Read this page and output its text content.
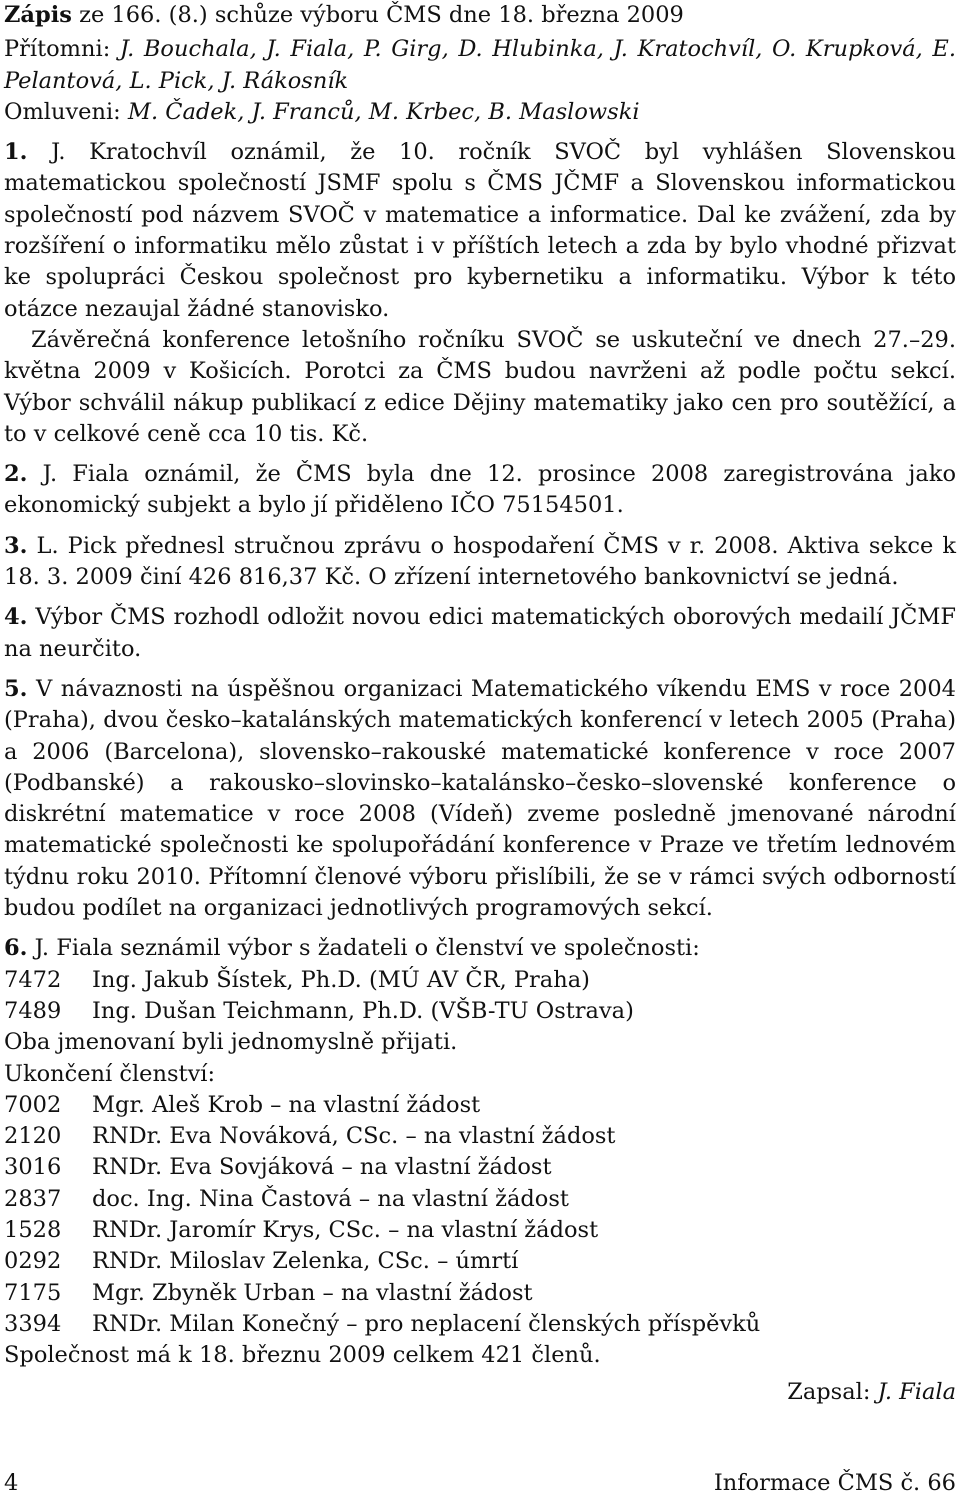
Zápis ze 166. (8.) schůze výboru ČMS dne 18. března 2009

Přítomni: J. Bouchala, J. Fiala, P. Girg, D. Hlubinka, J. Kratochvíl, O. Krupková, E. Pelantová, L. Pick, J. Rákosník

Omluveni: M. Čadek, J. Franců, M. Krbec, B. Maslowski

1. J. Kratochvíl oznámil, že 10. ročník SVOČ byl vyhlášen Slovenskou matematickou společností JSMF spolu s ČMS JČMF a Slovenskou informatickou společností pod názvem SVOČ v matematice a informatice. Dal ke zvážení, zda by rozšíření o informatiku mělo zůstat i v příštích letech a zda by bylo vhodné přizvat ke spolupráci Českou společnost pro kybernetiku a informatiku. Výbor k této otázce nezaujal žádné stanovisko.

Závěrečná konference letošního ročníku SVOČ se uskuteční ve dnech 27.–29. května 2009 v Košicích. Porotci za ČMS budou navrženi až podle počtu sekcí. Výbor schválil nákup publikací z edice Dějiny matematiky jako cen pro soutěžící, a to v celkové ceně cca 10 tis. Kč.

2. J. Fiala oznámil, že ČMS byla dne 12. prosince 2008 zaregistrována jako ekonomický subjekt a bylo jí přiděleno IČO 75154501.

3. L. Pick přednesl stručnou zprávu o hospodaření ČMS v r. 2008. Aktiva sekce k 18. 3. 2009 činí 426 816,37 Kč. O zřízení internetového bankovnictví se jedná.

4. Výbor ČMS rozhodl odložit novou edici matematických oborových medailí JČMF na neurčito.

5. V návaznosti na úspěšnou organizaci Matematického víkendu EMS v roce 2004 (Praha), dvou česko–katalánských matematických konferencí v letech 2005 (Praha) a 2006 (Barcelona), slovensko–rakouské matematické konference v roce 2007 (Podbanské) a rakousko–slovinsko–katalánsko–česko–slovenské konference o diskrétní matematice v roce 2008 (Vídeň) zveme posledně jmenované národní matematické společnosti ke spolupořádání konference v Praze ve třetím lednovém týdnu roku 2010. Přítomní členové výboru přislíbili, že se v rámci svých odborností budou podílet na organizaci jednotlivých programových sekcí.

6. J. Fiala seznámil výbor s žadateli o členství ve společnosti:

7472	Ing. Jakub Šístek, Ph.D. (MÚ AV ČR, Praha)
7489	Ing. Dušan Teichmann, Ph.D. (VŠB-TU Ostrava)

Oba jmenovaní byli jednomyslně přijati.

Ukončení členství:

7002	Mgr. Aleš Krob – na vlastní žádost
2120	RNDr. Eva Nováková, CSc. – na vlastní žádost
3016	RNDr. Eva Sovjáková – na vlastní žádost
2837	doc. Ing. Nina Častová – na vlastní žádost
1528	RNDr. Jaromír Krys, CSc. – na vlastní žádost
0292	RNDr. Miloslav Zelenka, CSc. – úmrtí
7175	Mgr. Zbyněk Urban – na vlastní žádost
3394	RNDr. Milan Konečný – pro neplacení členských příspěvků

Společnost má k 18. březnu 2009 celkem 421 členů.

Zapsal: J. Fiala

4	Informace ČMS č. 66
